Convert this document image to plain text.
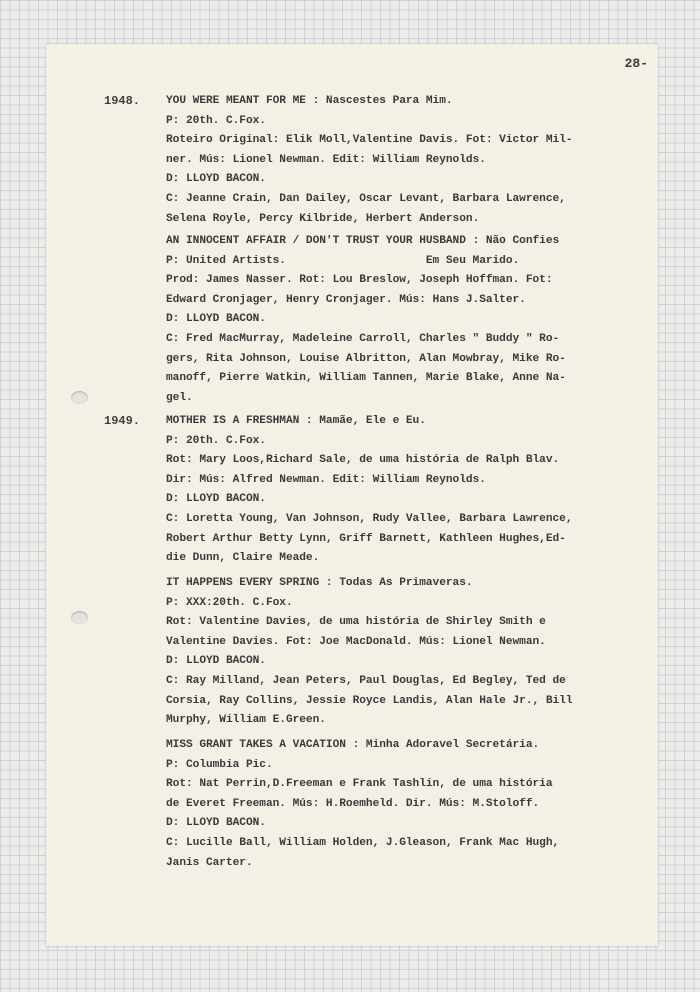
28-
1948. YOU WERE MEANT FOR ME : Nascestes Para Mim.
P: 20th. C.Fox.
Roteiro Original: Elik Moll,Valentine Davis. Fot: Victor Mil-
ner. Mús: Lionel Newman. Edit: William Reynolds.
D: LLOYD BACON.
C: Jeanne Crain, Dan Dailey, Oscar Levant, Barbara Lawrence,
Selena Royle, Percy Kilbride, Herbert Anderson.
AN INNOCENT AFFAIR / DON'T TRUST YOUR HUSBAND : Não Confies
P: United Artists.                     Em Seu Marido.
Prod: James Nasser. Rot: Lou Breslow, Joseph Hoffman. Fot:
Edward Cronjager, Henry Cronjager. Mús: Hans J.Salter.
D: LLOYD BACON.
C: Fred MacMurray, Madeleine Carroll, Charles " Buddy " Ro-
gers, Rita Johnson, Louise Albritton, Alan Mowbray, Mike Ro-
manoff, Pierre Watkin, William Tannen, Marie Blake, Anne Na-
gel.
1949. MOTHER IS A FRESHMAN : Mamãe, Ele e Eu.
P: 20th. C.Fox.
Rot: Mary Loos,Richard Sale, de uma história de Ralph Blav.
Dir: Mús: Alfred Newman. Edit: William Reynolds.
D: LLOYD BACON.
C: Loretta Young, Van Johnson, Rudy Vallee, Barbara Lawrence,
Robert Arthur Betty Lynn, Griff Barnett, Kathleen Hughes,Ed-
die Dunn, Claire Meade.
IT HAPPENS EVERY SPRING : Todas As Primaveras.
P: XXX:20th. C.Fox.
Rot: Valentine Davies, de uma história de Shirley Smith e
Valentine Davies. Fot: Joe MacDonald. Mús: Lionel Newman.
D: LLOYD BACON.
C: Ray Milland, Jean Peters, Paul Douglas, Ed Begley, Ted de
Corsia, Ray Collins, Jessie Royce Landis, Alan Hale Jr., Bill
Murphy, William E.Green.
MISS GRANT TAKES A VACATION : Minha Adoravel Secretária.
P: Columbia Pic.
Rot: Nat Perrin,D.Freeman e Frank Tashlin, de uma história
de Everet Freeman. Mús: H.Roemheld. Dir. Mús: M.Stoloff.
D: LLOYD BACON.
C: Lucille Ball, William Holden, J.Gleason, Frank Mac Hugh,
Janis Carter.
